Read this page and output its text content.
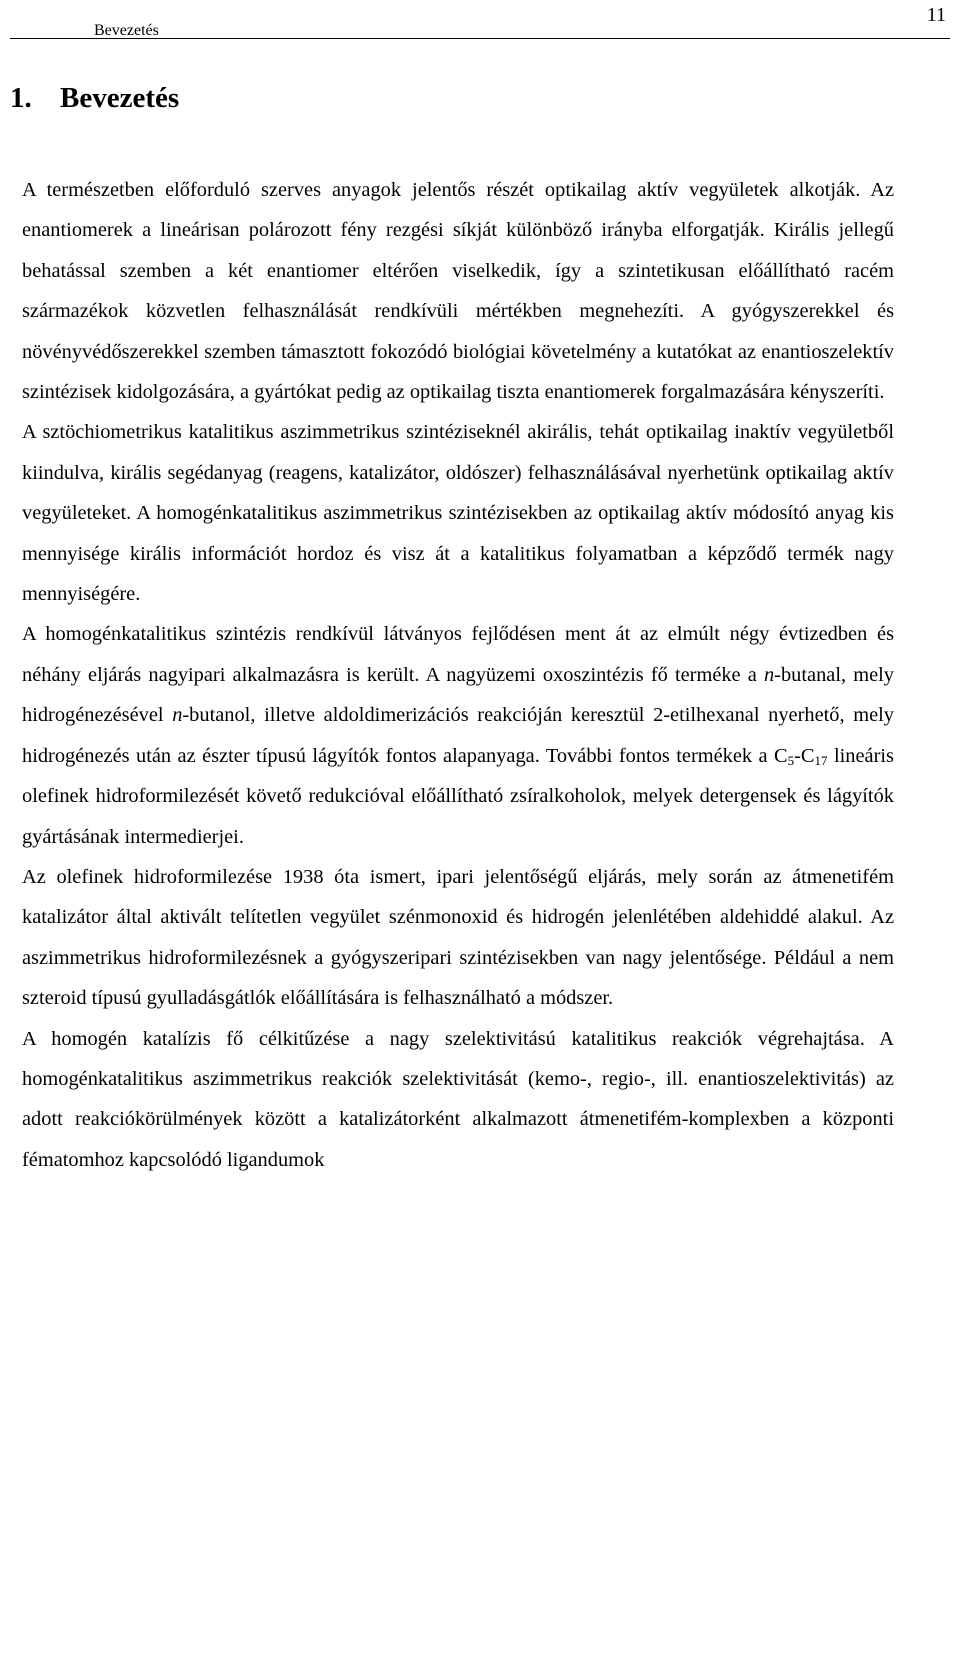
Bevezetés
11
1. Bevezetés

A természetben előforduló szerves anyagok jelentős részét optikailag aktív vegyületek alkotják. Az enantiomerek a lineárisan polározott fény rezgési síkját különböző irányba elforgatják. Királis jellegű behatással szemben a két enantiomer eltérően viselkedik, így a szintetikusan előállítható racém származékok közvetlen felhasználását rendkívüli mértékben megnehezíti. A gyógyszerekkel és növényvédőszerekkel szemben támasztott fokozódó biológiai követelmény a kutatókat az enantioszelektív szintézisek kidolgozására, a gyártókat pedig az optikailag tiszta enantiomerek forgalmazására kényszeríti.

A sztöchiometrikus katalitikus aszimmetrikus szintéziseknél akirális, tehát optikailag inaktív vegyületből kiindulva, királis segédanyag (reagens, katalizátor, oldószer) felhasználásával nyerhetünk optikailag aktív vegyületeket. A homogénkatalitikus aszimmetrikus szintézisekben az optikailag aktív módosító anyag kis mennyisége királis információt hordoz és visz át a katalitikus folyamatban a képződő termék nagy mennyiségére.

A homogénkatalitikus szintézis rendkívül látványos fejlődésen ment át az elmúlt négy évtizedben és néhány eljárás nagyipari alkalmazásra is került. A nagyüzemi oxoszintézis fő terméke a n-butanal, mely hidrogénezésével n-butanol, illetve aldoldimerizációs reakcióján keresztül 2-etilhexanal nyerhető, mely hidrogénezés után az észter típusú lágyítók fontos alapanyaga. További fontos termékek a $C_5-C_{17}$ lineáris olefinek hidroformilezését követő redukcióval előállítható zsíralkoholok, melyek detergensek és lágyítók gyártásának intermedierjei.

Az olefinek hidroformilezése 1938 óta ismert, ipari jelentőségű eljárás, mely során az átmenetifém katalizátor által aktivált telítetlen vegyület szénmonoxid és hidrogén jelenlétében aldehiddé alakul. Az aszimmetrikus hidroformilezésnek a gyógyszeripari szintézisekben van nagy jelentősége. Például a nem szteroid típusú gyulladásgátlók előállítására is felhasználható a módszer.

A homogén katalízis fő célkitűzése a nagy szelektivitású katalitikus reakciók végrehajtása. A homogénkatalitikus aszimmetrikus reakciók szelektivitását (kemo-, regio-, ill. enantioszelektivitás) az adott reakciókörülmények között a katalizátorként alkalmazott átmenetifém-komplexben a központi fématomhoz kapcsolódó ligandumok
